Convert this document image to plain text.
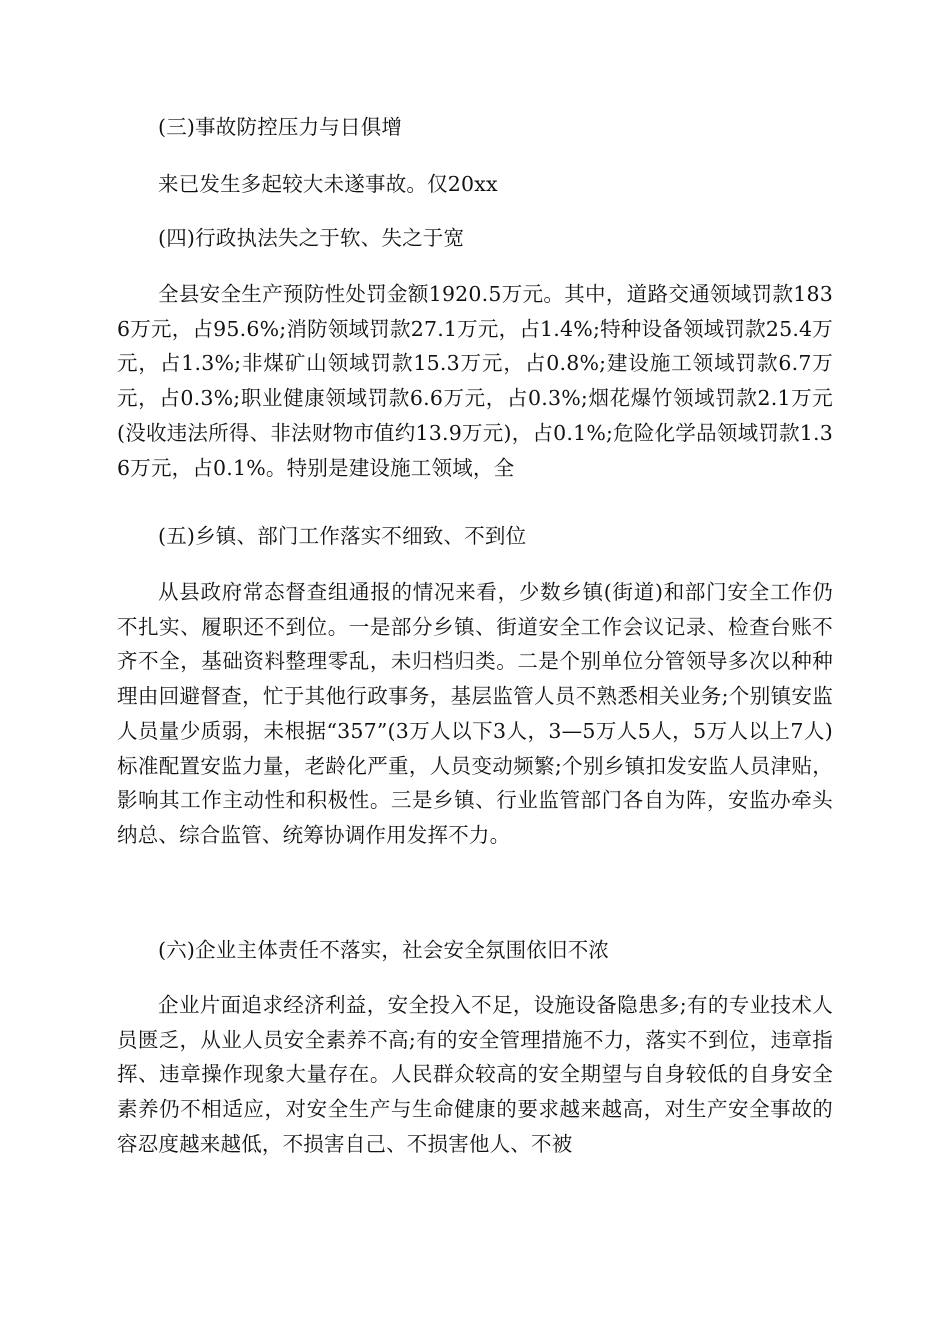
(三)事故防控压力与日俱增

来已发生多起较大未遂事故。仅20xx

(四)行政执法失之于软、失之于宽

全县安全生产预防性处罚金额1920.5万元。其中，道路交通领域罚款1836万元，占95.6%;消防领域罚款27.1万元，占1.4%;特种设备领域罚款25.4万元，占1.3%;非煤矿山领域罚款15.3万元，占0.8%;建设施工领域罚款6.7万元，占0.3%;职业健康领域罚款6.6万元，占0.3%;烟花爆竹领域罚款2.1万元(没收违法所得、非法财物市值约13.9万元)，占0.1%;危险化学品领域罚款1.36万元，占0.1%。特别是建设施工领域，全

(五)乡镇、部门工作落实不细致、不到位

从县政府常态督查组通报的情况来看，少数乡镇(街道)和部门安全工作仍不扎实、履职还不到位。一是部分乡镇、街道安全工作会议记录、检查台账不齐不全，基础资料整理零乱，未归档归类。二是个别单位分管领导多次以种种理由回避督查，忙于其他行政事务，基层监管人员不熟悉相关业务;个别镇安监人员量少质弱，未根据“357”(3万人以下3人，3—5万人5人，5万人以上7人)标准配置安监力量，老龄化严重，人员变动频繁;个别乡镇扣发安监人员津贴，影响其工作主动性和积极性。三是乡镇、行业监管部门各自为阵，安监办牵头纳总、综合监管、统筹协调作用发挥不力。

(六)企业主体责任不落实，社会安全氛围依旧不浓

企业片面追求经济利益，安全投入不足，设施设备隐患多;有的专业技术人员匮乏，从业人员安全素养不高;有的安全管理措施不力，落实不到位，违章指挥、违章操作现象大量存在。人民群众较高的安全期望与自身较低的自身安全素养仍不相适应，对安全生产与生命健康的要求越来越高，对生产安全事故的容忍度越来越低，不损害自己、不损害他人、不被
